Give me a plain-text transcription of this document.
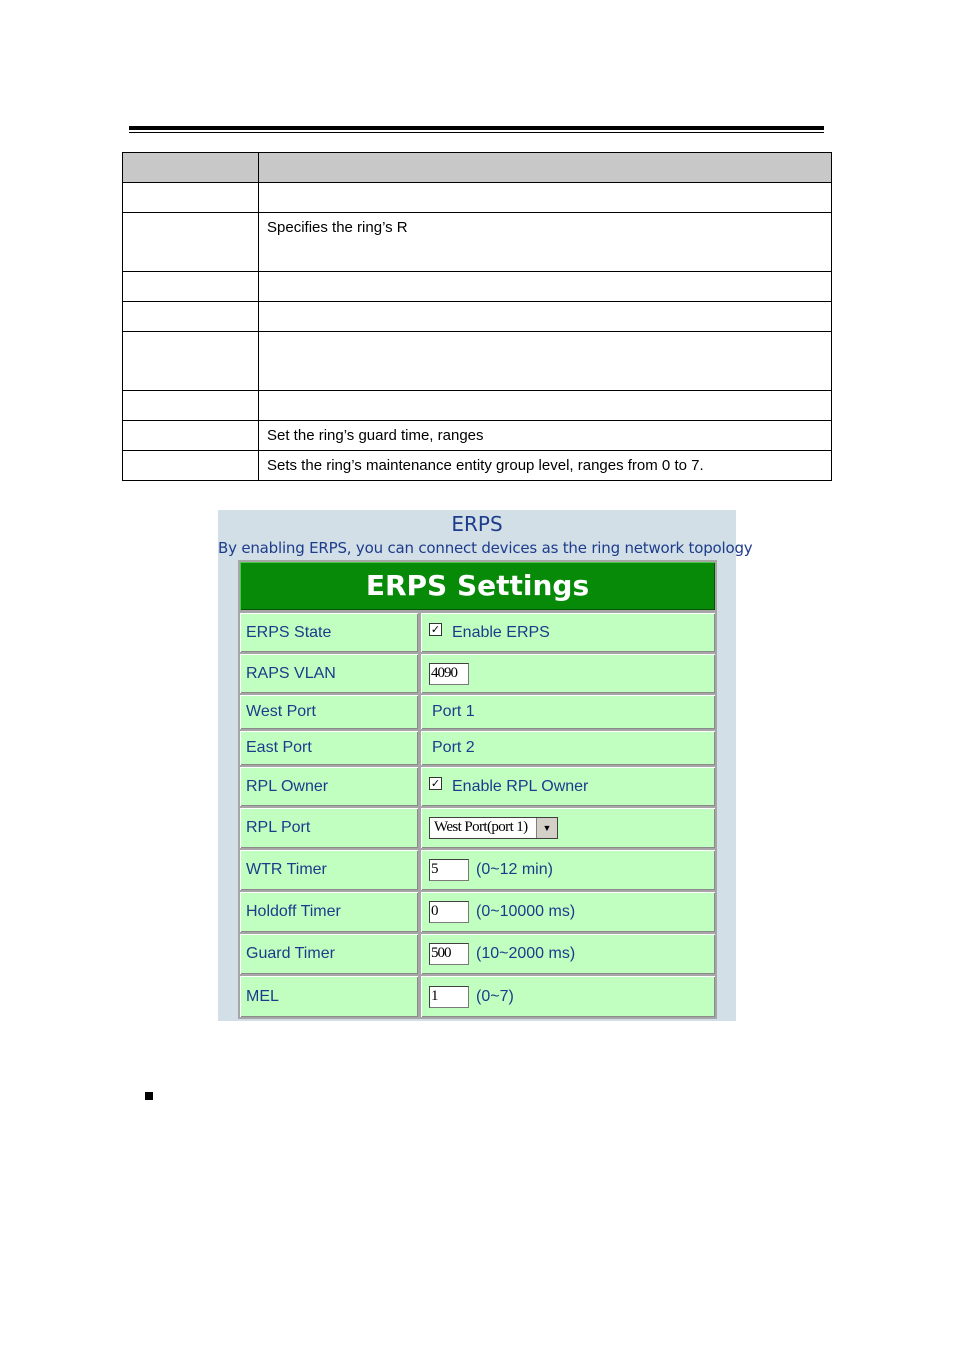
	Specifies the ring’s R

	Set the ring’s guard time, ranges

	Sets the ring’s maintenance entity group level, ranges from 0 to 7.
ERPS
By enabling ERPS, you can connect devices as the ring network topology
ERPS Settings
ERPS State	✓ Enable ERPS
RAPS VLAN	4090
West Port	Port 1
East Port	Port 2
RPL Owner	✓ Enable RPL Owner
RPL Port	West Port(port 1)	▼
WTR Timer	5	(0~12 min)
Holdoff Timer	0	(0~10000 ms)
Guard Timer	500	(10~2000 ms)
MEL	1	(0~7)
